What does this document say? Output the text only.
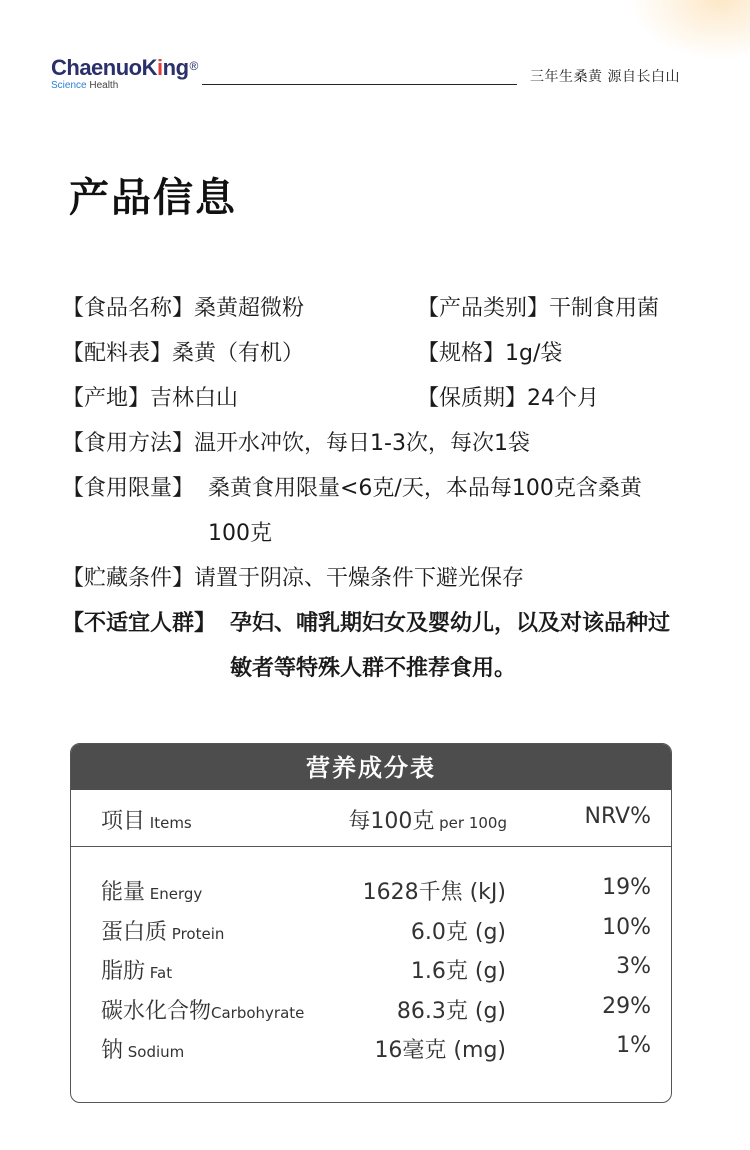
ChaenuoKing®
Science Health
三年生桑黄 源自长白山
产品信息
【食品名称】桑黄超微粉	【产品类别】干制食用菌
【配料表】桑黄（有机）	【规格】1g/袋
【产地】吉林白山	【保质期】24个月
【食用方法】温开水冲饮，每日1-3次，每次1袋
【食用限量】 桑黄食用限量<6克/天，本品每100克含桑黄100克
【贮藏条件】请置于阴凉、干燥条件下避光保存
【不适宜人群】 孕妇、哺乳期妇女及婴幼儿，以及对该品种过敏者等特殊人群不推荐食用。
营养成分表
项目 Items	每100克 per 100g	NRV%
能量 Energy	1628千焦 (kJ)	19%
蛋白质 Protein	6.0克 (g)	10%
脂肪 Fat	1.6克 (g)	3%
碳水化合物Carbohyrate	86.3克 (g)	29%
钠 Sodium	16毫克 (mg)	1%
